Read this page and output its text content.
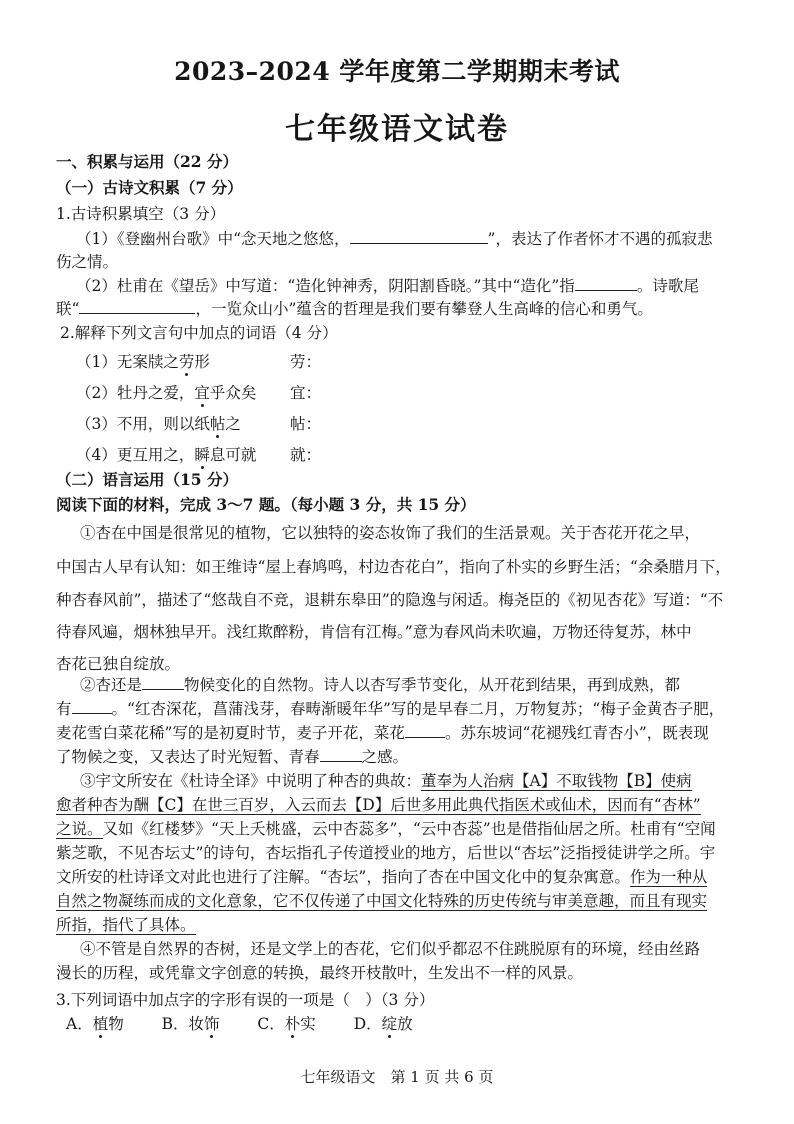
2023–2024 学年度第二学期期末考试
七年级语文试卷
一、积累与运用（22 分）
（一）古诗文积累（7 分）
1.古诗积累填空（3 分）
（1）《登幽州台歌》中“念天地之悠悠，	”，表达了作者怀才不遇的孤寂悲
伤之情。
（2）杜甫在《望岳》中写道：“造化钟神秀，阴阳割昏晓。”其中“造化”指	。诗歌尾
联“	，一览众山小”蕴含的哲理是我们要有攀登人生高峰的信心和勇气。
2.解释下列文言句中加点的词语（4 分）
（1）无案牍之劳形	劳：
（2）牡丹之爱，宜乎众矣 宜：
（3）不用，则以纸帖之	帖：
（4）更互用之，瞬息可就 就：
（二）语言运用（15 分）
阅读下面的材料，完成 3～7 题。（每小题 3 分，共 15 分）
①杏在中国是很常见的植物，它以独特的姿态妆饰了我们的生活景观。关于杏花开花之早，
中国古人早有认知：如王维诗“屋上春鸠鸣，村边杏花白”，指向了朴实的乡野生活；“余桑腊月下，
种杏春风前”，描述了“悠哉自不竞，退耕东皋田”的隐逸与闲适。梅尧臣的《初见杏花》写道：“不
待春风遍，烟林独早开。浅红欺醉粉，肯信有江梅。”意为春风尚未吹遍，万物还待复苏，林中
杏花已独自绽放。
②杏还是	物候变化的自然物。诗人以杏写季节变化，从开花到结果，再到成熟，都
有	。“红杏深花，菖蒲浅芽，春畴渐暖年华”写的是早春二月，万物复苏；“梅子金黄杏子肥，
麦花雪白菜花稀”写的是初夏时节，麦子开花，菜花	。苏东坡词“花褪残红青杏小”，既表现
了物候之变，又表达了时光短暂、青春	之感。
③宇文所安在《杜诗全译》中说明了种杏的典故：董奉为人治病【A】不取钱物【B】使病
愈者种杏为酬【C】在世三百岁，入云而去【D】后世多用此典代指医术或仙术，因而有“杏林”
之说。又如《红楼梦》“天上夭桃盛，云中杏蕊多”，“云中杏蕊”也是借指仙居之所。杜甫有“空闻
紫芝歌，不见杏坛丈”的诗句，杏坛指孔子传道授业的地方，后世以“杏坛”泛指授徒讲学之所。宇
文所安的杜诗译文对此也进行了注解。“杏坛”，指向了杏在中国文化中的复杂寓意。作为一种从
自然之物凝练而成的文化意象，它不仅传递了中国文化特殊的历史传统与审美意趣，而且有现实
所指，指代了具体。
④不管是自然界的杏树，还是文学上的杏花，它们似乎都忍不住跳脱原有的环境，经由丝路
漫长的历程，或凭靠文字创意的转换，最终开枝散叶，生发出不一样的风景。
3.下列词语中加点字的字形有误的一项是（　）（3 分）
A．植物 B．妆饰 C．朴实 D．绽放
七年级语文　第 1 页 共 6 页
